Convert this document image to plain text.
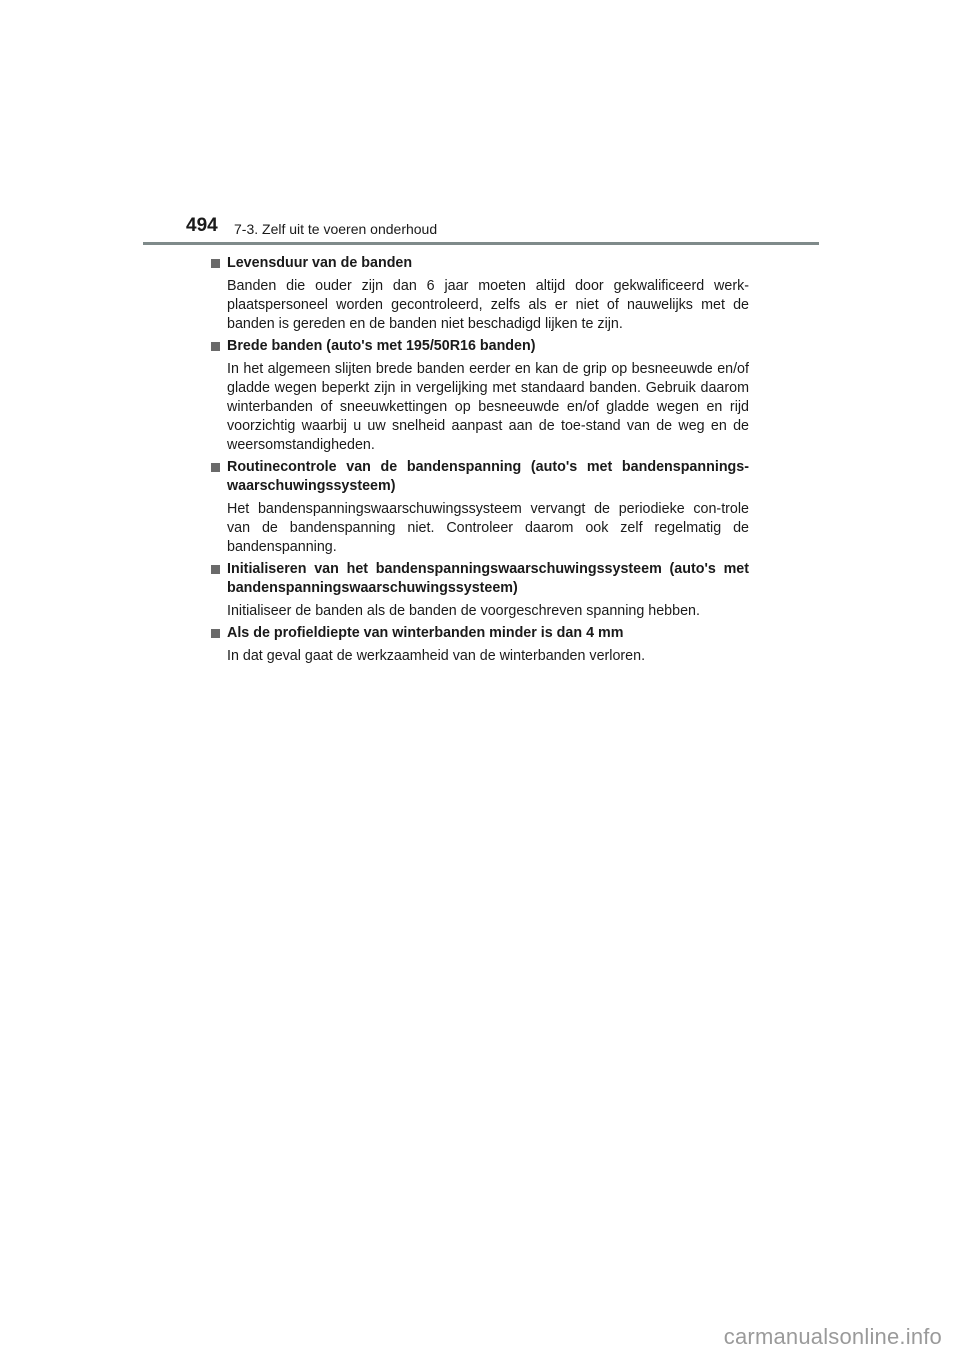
494 7-3. Zelf uit te voeren onderhoud
Levensduur van de banden
Banden die ouder zijn dan 6 jaar moeten altijd door gekwalificeerd werk-plaatspersoneel worden gecontroleerd, zelfs als er niet of nauwelijks met de banden is gereden en de banden niet beschadigd lijken te zijn.
Brede banden (auto's met 195/50R16 banden)
In het algemeen slijten brede banden eerder en kan de grip op besneeuwde en/of gladde wegen beperkt zijn in vergelijking met standaard banden. Gebruik daarom winterbanden of sneeuwkettingen op besneeuwde en/of gladde wegen en rijd voorzichtig waarbij u uw snelheid aanpast aan de toe-stand van de weg en de weersomstandigheden.
Routinecontrole van de bandenspanning (auto's met bandenspannings-waarschuwingssysteem)
Het bandenspanningswaarschuwingssysteem vervangt de periodieke con-trole van de bandenspanning niet. Controleer daarom ook zelf regelmatig de bandenspanning.
Initialiseren van het bandenspanningswaarschuwingssysteem (auto's met bandenspanningswaarschuwingssysteem)
Initialiseer de banden als de banden de voorgeschreven spanning hebben.
Als de profieldiepte van winterbanden minder is dan 4 mm
In dat geval gaat de werkzaamheid van de winterbanden verloren.
carmanualsonline.info
